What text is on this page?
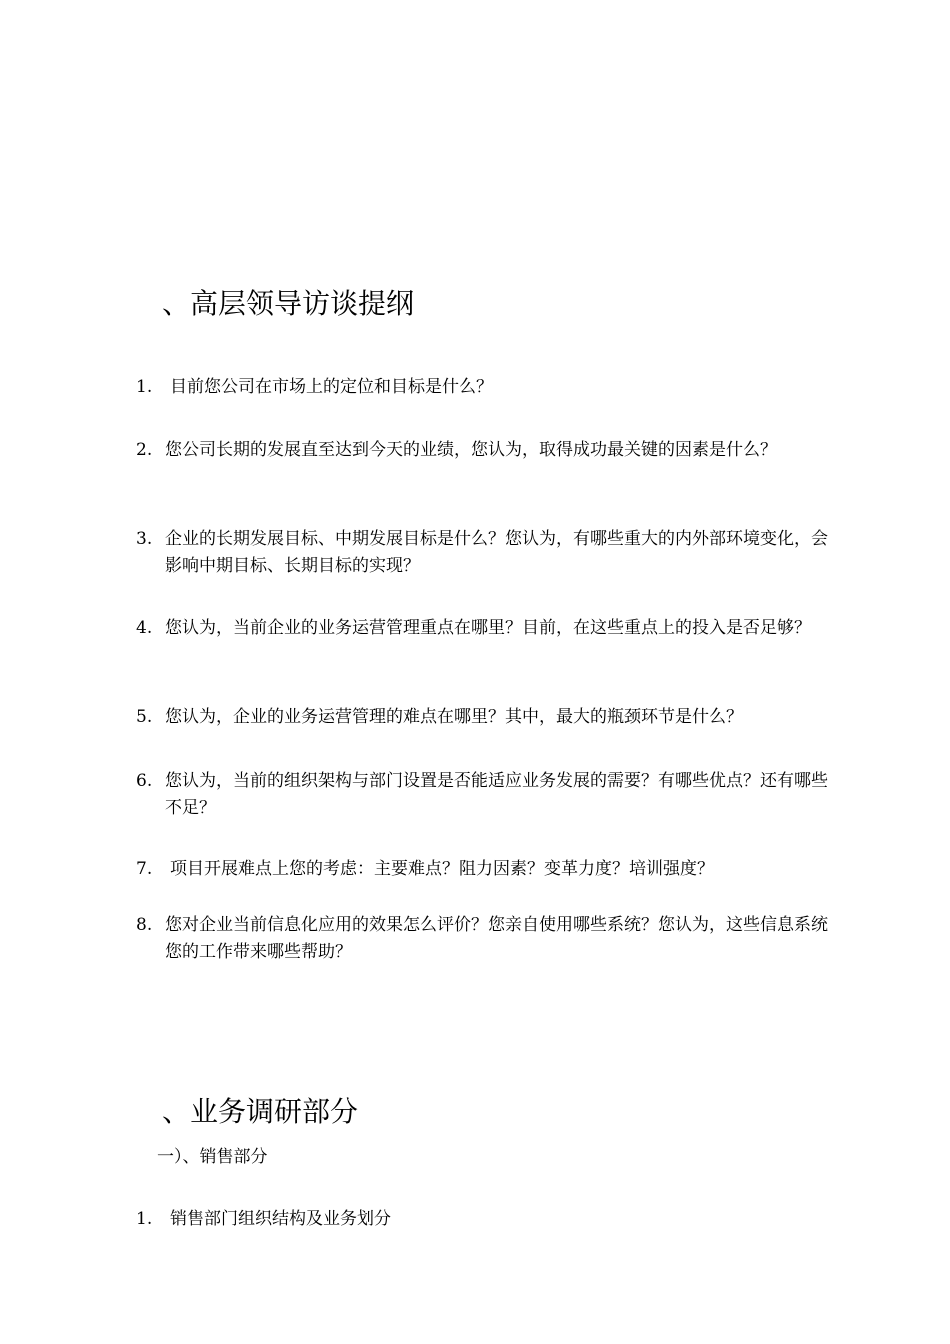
、高层领导访谈提纲
1.	目前您公司在市场上的定位和目标是什么？
2. 您公司长期的发展直至达到今天的业绩，您认为，取得成功最关键的因素是什么？
3. 企业的长期发展目标、中期发展目标是什么？您认为，有哪些重大的内外部环境变化，会影响中期目标、长期目标的实现？
4. 您认为，当前企业的业务运营管理重点在哪里？目前，在这些重点上的投入是否足够？
5. 您认为，企业的业务运营管理的难点在哪里？其中，最大的瓶颈环节是什么？
6. 您认为，当前的组织架构与部门设置是否能适应业务发展的需要？有哪些优点？还有哪些不足？
7.	项目开展难点上您的考虑：主要难点？阻力因素？变革力度？培训强度？
8. 您对企业当前信息化应用的效果怎么评价？您亲自使用哪些系统？您认为，这些信息系统您的工作带来哪些帮助？
、业务调研部分
一）、销售部分
1.	销售部门组织结构及业务划分
